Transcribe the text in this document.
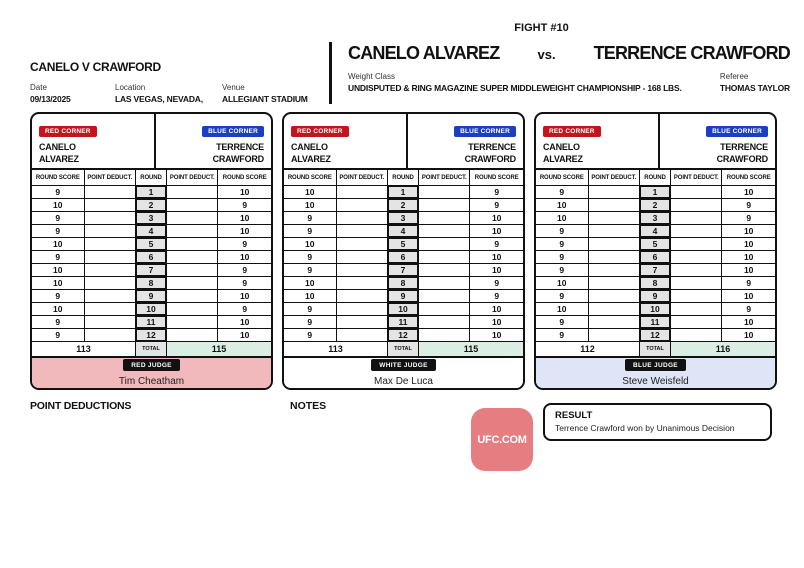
CANELO V CRAWFORD
Date
09/13/2025
Location
LAS VEGAS, NEVADA,
Venue
ALLEGIANT STADIUM
FIGHT #10
CANELO ALVAREZ	vs. TERRENCE CRAWFORD
Weight Class
UNDISPUTED & RING MAGAZINE SUPER MIDDLEWEIGHT CHAMPIONSHIP - 168 LBS.
Referee
THOMAS TAYLOR
RED CORNER
CANELO
ALVAREZ
BLUE CORNER
TERRENCE
CRAWFORD
ROUND SCORE	POINT DEDUCT.	ROUND	POINT DEDUCT.	ROUND SCORE
9	1	10
10	2	9
9	3	10
9	4	10
10	5	9
9	6	10
10	7	9
10	8	9
9	9	10
10	10	9
9	11	10
9	12	10
113	TOTAL	115
RED JUDGE
Tim Cheatham
RED CORNER
CANELO
ALVAREZ
BLUE CORNER
TERRENCE
CRAWFORD
ROUND SCORE	POINT DEDUCT.	ROUND	POINT DEDUCT.	ROUND SCORE
10	1	9
10	2	9
9	3	10
9	4	10
10	5	9
9	6	10
9	7	10
10	8	9
10	9	9
9	10	10
9	11	10
9	12	10
113	TOTAL	115
WHITE JUDGE
Max De Luca
RED CORNER
CANELO
ALVAREZ
BLUE CORNER
TERRENCE
CRAWFORD
ROUND SCORE	POINT DEDUCT.	ROUND	POINT DEDUCT.	ROUND SCORE
9	1	10
10	2	9
10	3	9
9	4	10
9	5	10
9	6	10
9	7	10
10	8	9
9	9	10
10	10	9
9	11	10
9	12	10
112	TOTAL	116
BLUE JUDGE
Steve Weisfeld
POINT DEDUCTIONS	NOTES
UFC.COM
RESULT
Terrence Crawford won by Unanimous Decision
